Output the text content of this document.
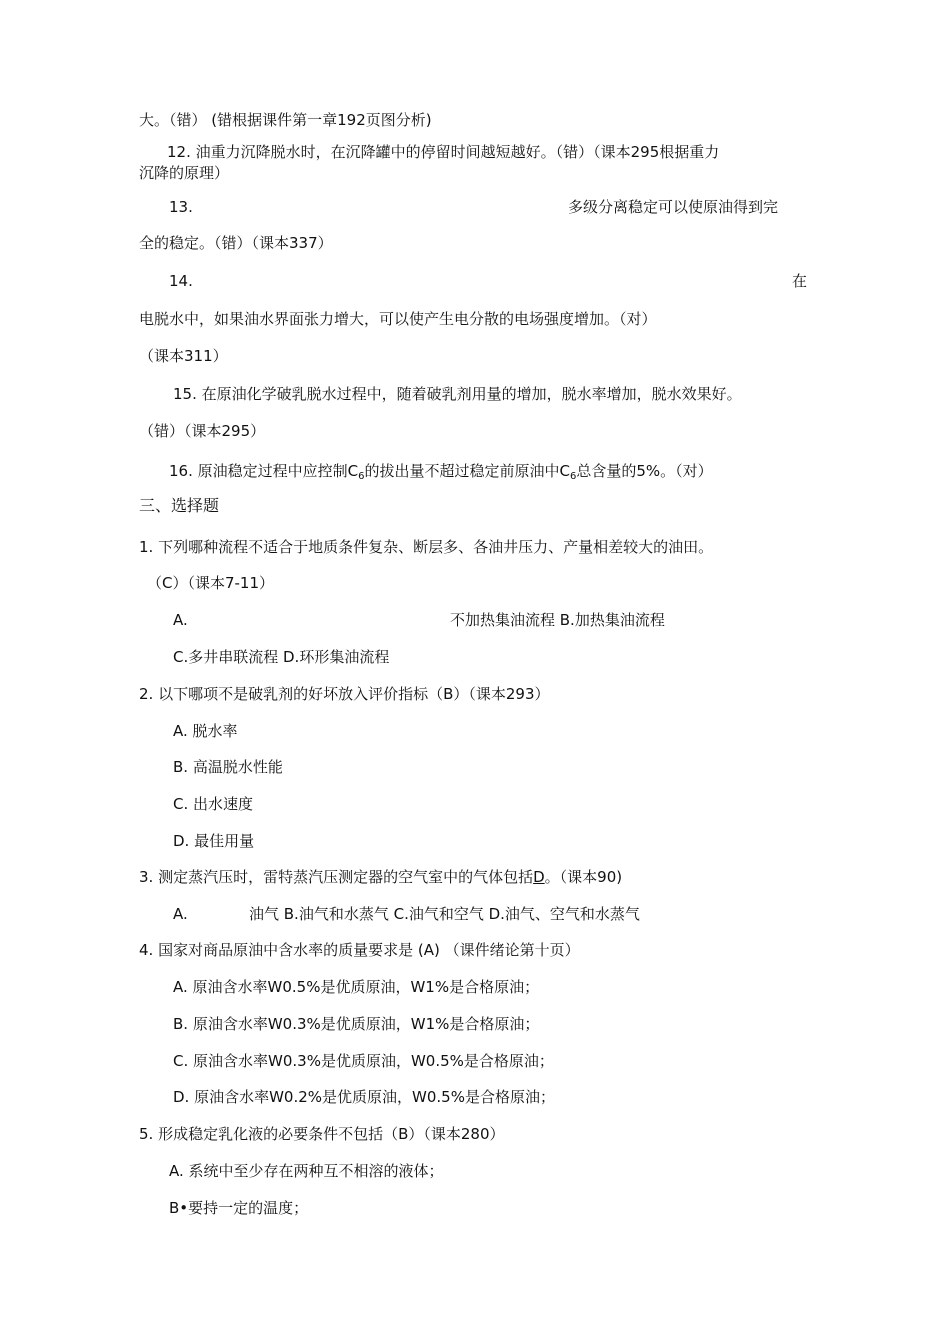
大。（错） (错根据课件第一章192页图分析)
12. 油重力沉降脱水时，在沉降罐中的停留时间越短越好。（错）（课本295根据重力
沉降的原理）
13.	多级分离稳定可以使原油得到完
全的稳定。（错）（课本337）
14.	在
电脱水中，如果油水界面张力增大，可以使产生电分散的电场强度增加。（对）
（课本311）
15. 在原油化学破乳脱水过程中，随着破乳剂用量的增加，脱水率增加，脱水效果好。
（错）（课本295）
16. 原油稳定过程中应控制$C_6$的拔出量不超过稳定前原油中$C_6$总含量的5%。（对）
三、选择题
1. 下列哪种流程不适合于地质条件复杂、断层多、各油井压力、产量相差较大的油田。
（C）（课本7-11）
A.	不加热集油流程 B.加热集油流程
C.多井串联流程 D.环形集油流程
2. 以下哪项不是破乳剂的好坏放入评价指标（B）（课本293）
A. 脱水率
B. 高温脱水性能
C. 出水速度
D. 最佳用量
3. 测定蒸汽压时，雷特蒸汽压测定器的空气室中的气体包括D。（课本90)
A.	油气 B.油气和水蒸气 C.油气和空气 D.油气、空气和水蒸气
4. 国家对商品原油中含水率的质量要求是 (A) （课件绪论第十页）
A. 原油含水率W0.5%是优质原油，W1%是合格原油；
B. 原油含水率W0.3%是优质原油，W1%是合格原油；
C. 原油含水率W0.3%是优质原油，W0.5%是合格原油；
D. 原油含水率W0.2%是优质原油，W0.5%是合格原油；
5. 形成稳定乳化液的必要条件不包括（B）（课本280）
A. 系统中至少存在两种互不相溶的液体；
B•要持一定的温度；
